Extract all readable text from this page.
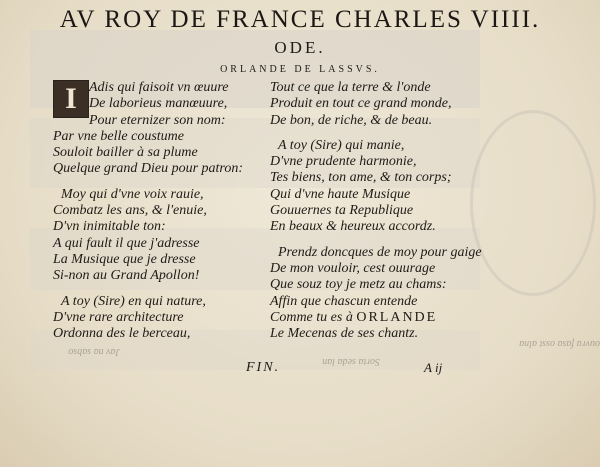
ouvra fasa osst alna
Sorta seda lan
Jav na sabso
AV ROY DE FRANCE CHARLES VIIII.
ODE.
ORLANDE DE LASSVS.
I Adis qui faisoit vn œuure
De laborieus manœuure,
Pour eternizer son nom:
Par vne belle coustume
Souloit bailler à sa plume
Quelque grand Dieu pour patron:
Moy qui d'vne voix rauie,
Combatz les ans, & l'enuie,
D'vn inimitable ton:
A qui fault il que j'adresse
La Musique que je dresse
Si-non au Grand Apollon!
A toy (Sire) en qui nature,
D'vne rare architecture
Ordonna des le berceau,
Tout ce que la terre & l'onde
Produit en tout ce grand monde,
De bon, de riche, & de beau.
A toy (Sire) qui manie,
D'vne prudente harmonie,
Tes biens, ton ame, & ton corps;
Qui d'vne haute Musique
Gouuernes ta Republique
En beaux & heureux accordz.
Prendz doncques de moy pour gaige
De mon vouloir, cest ouurage
Que souz toy je metz au chams:
Affin que chascun entende
Comme tu es à ORLANDE
Le Mecenas de ses chantz.
FIN.	A ij
